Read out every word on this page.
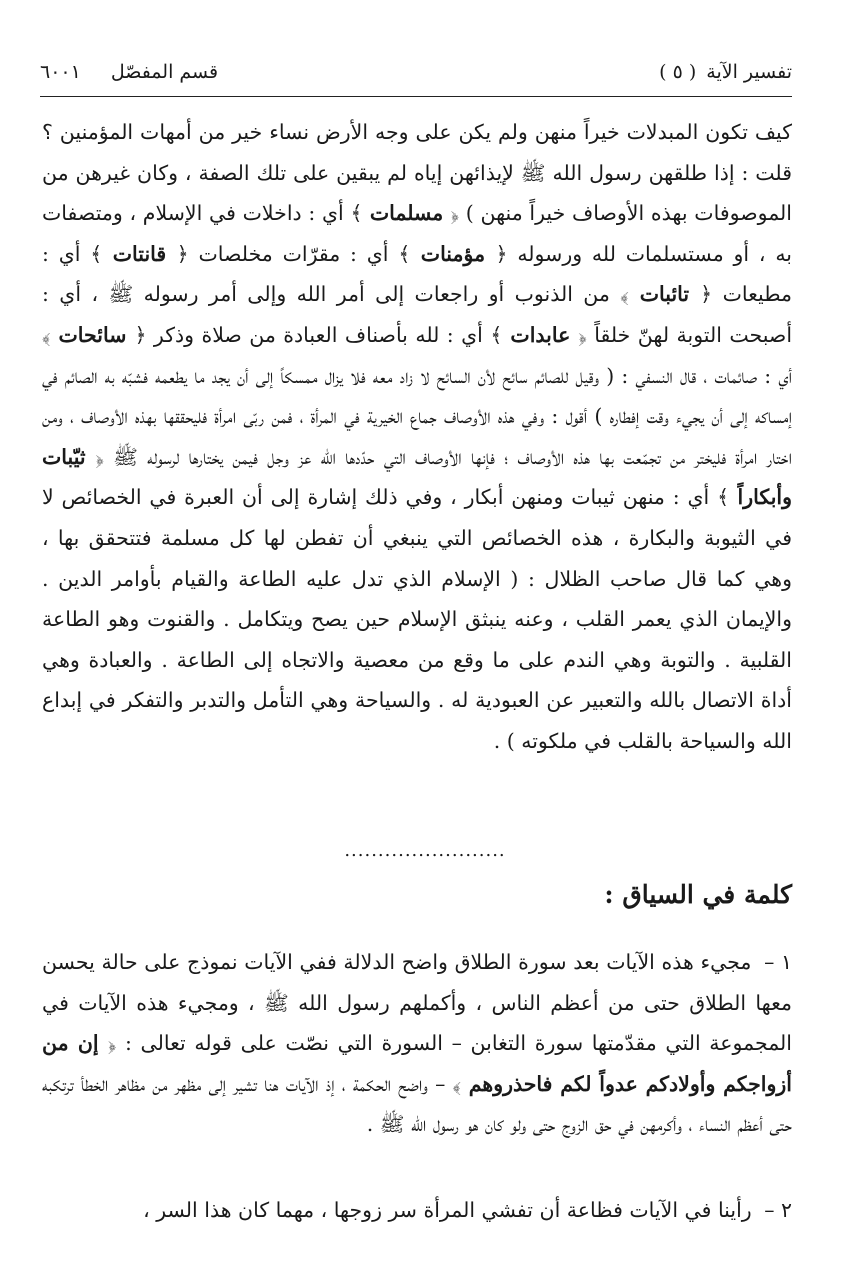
تفسير الآية
( ٥ )
قسم المفصّل
٦٠٠١
كيف تكون المبدلات خيراً منهن ولم يكن على وجه الأرض نساء خير من أمهات المؤمنين ؟ قلت : إذا طلقهن رسول الله ﷺ لإيذائهن إياه لم يبقين على تلك الصفة ، وكان غيرهن من الموصوفات بهذه الأوصاف خيراً منهن ) ﴿ مسلمات ﴾ أي : داخلات في الإسلام ، ومتصفات به ، أو مستسلمات لله ورسوله ﴿ مؤمنات ﴾ أي : مقرّات مخلصات ﴿ قانتات ﴾ أي : مطيعات ﴿ تائبات ﴾ من الذنوب أو راجعات إلى أمر الله وإلى أمر رسوله ﷺ ، أي : أصبحت التوبة لهنّ خلقاً ﴿ عابدات ﴾ أي : لله بأصناف العبادة من صلاة وذكر ﴿ سائحات ﴾ أي : صائمات ، قال النسفي : ( وقيل للصائم سائح لأن السائح لا زاد معه فلا يزال ممسكاً إلى أن يجد ما يطعمه فشبّه به الصائم في إمساكه إلى أن يجيء وقت إفطاره ) أقول : وفي هذه الأوصاف جماع الخيرية في المرأة ، فمن ربّى امرأة فليحققها بهذه الأوصاف ، ومن اختار امرأة فليختر من تجمّعت بها هذه الأوصاف ؛ فإنها الأوصاف التي حدّدها الله عز وجل فيمن يختارها لرسوله ﷺ ﴿ ثيّبات وأبكاراً ﴾ أي : منهن ثيبات ومنهن أبكار ، وفي ذلك إشارة إلى أن العبرة في الخصائص لا في الثيوبة والبكارة ، هذه الخصائص التي ينبغي أن تفطن لها كل مسلمة فتتحقق بها ، وهي كما قال صاحب الظلال : ( الإسلام الذي تدل عليه الطاعة والقيام بأوامر الدين . والإيمان الذي يعمر القلب ، وعنه ينبثق الإسلام حين يصح ويتكامل . والقنوت وهو الطاعة القلبية . والتوبة وهي الندم على ما وقع من معصية والاتجاه إلى الطاعة . والعبادة وهي أداة الاتصال بالله والتعبير عن العبودية له . والسياحة وهي التأمل والتدبر والتفكر في إبداع الله والسياحة بالقلب في ملكوته ) .
........................
كلمة في السياق :
١ – مجيء هذه الآيات بعد سورة الطلاق واضح الدلالة ففي الآيات نموذج على حالة يحسن معها الطلاق حتى من أعظم الناس ، وأكملهم رسول الله ﷺ ، ومجيء هذه الآيات في المجموعة التي مقدّمتها سورة التغابن – السورة التي نصّت على قوله تعالى : ﴿ إن من أزواجكم وأولادكم عدواً لكم فاحذروهم ﴾ – واضح الحكمة ، إذ الآيات هنا تشير إلى مظهر من مظاهر الخطأ ترتكبه حتى أعظم النساء ، وأكرمهن في حق الزوج حتى ولو كان هو رسول الله ﷺ .
٢ – رأينا في الآيات فظاعة أن تفشي المرأة سر زوجها ، مهما كان هذا السر ،
